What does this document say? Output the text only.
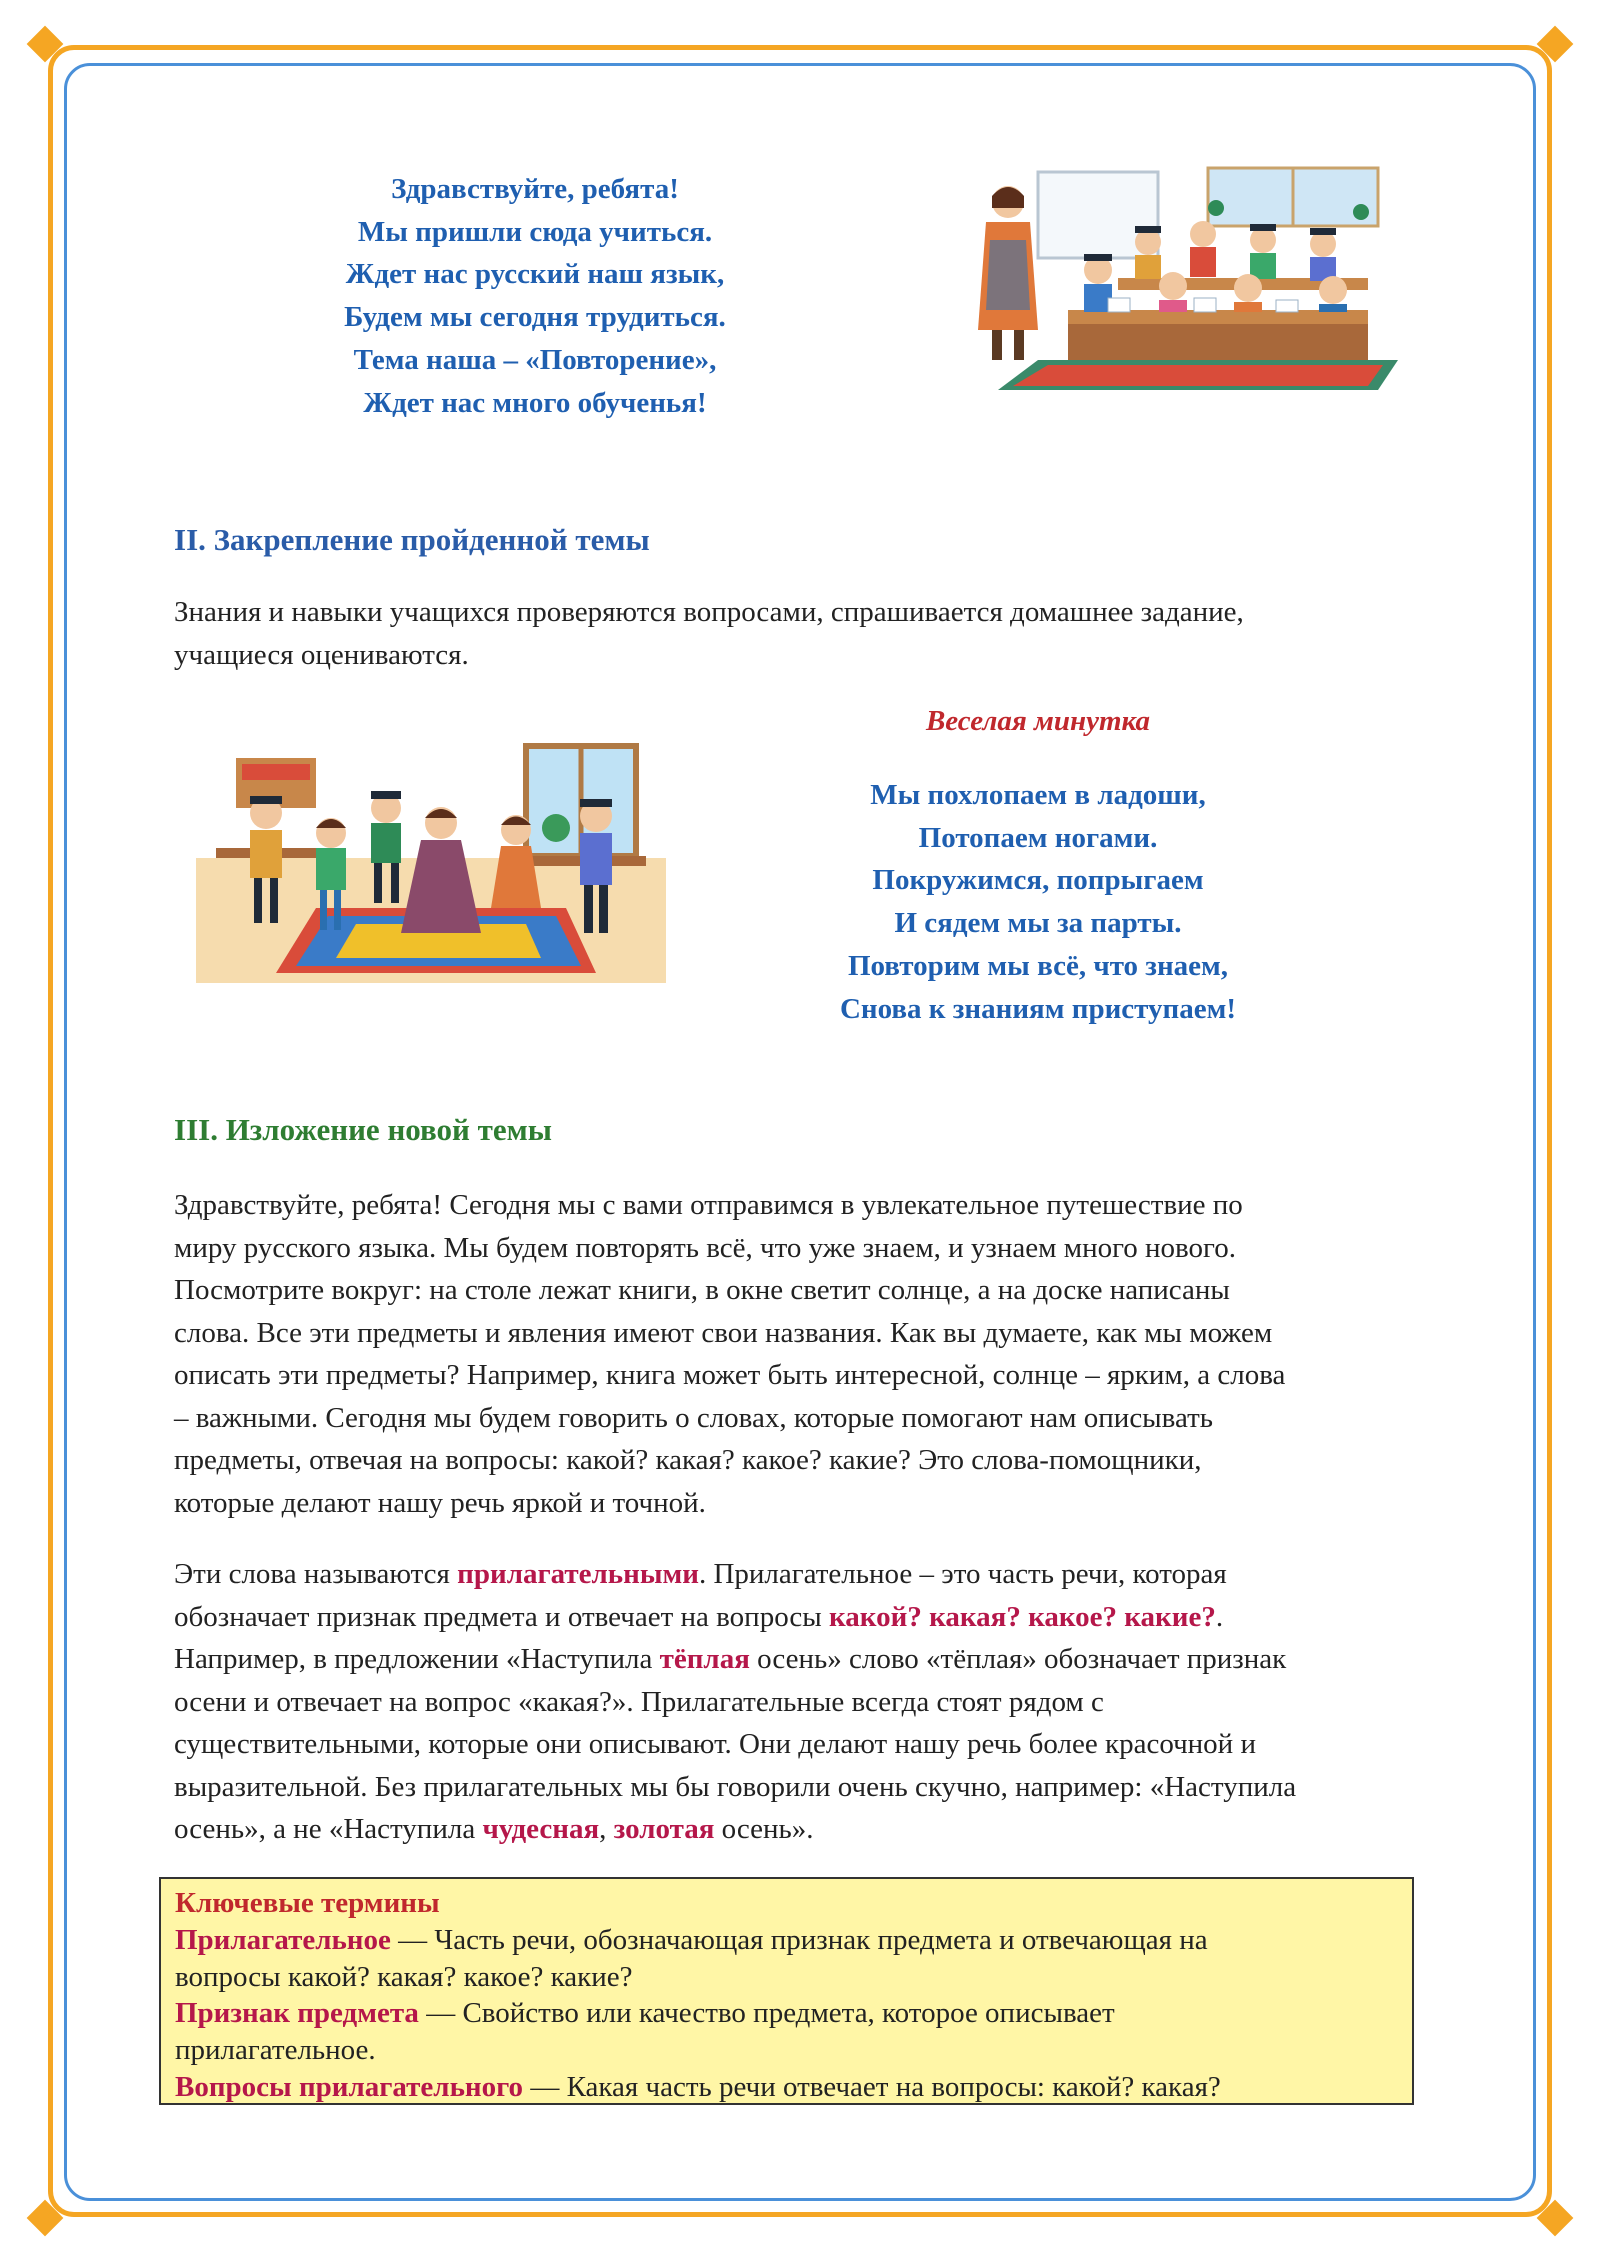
Здравствуйте, ребята!
Мы пришли сюда учиться.
Ждет нас русский наш язык,
Будем мы сегодня трудиться.
Тема наша – «Повторение»,
Ждет нас много обученья!
II. Закрепление пройденной темы
Знания и навыки учащихся проверяются вопросами, спрашивается домашнее задание,
учащиеся оцениваются.
Веселая минутка
Мы похлопаем в ладоши,
Потопаем ногами.
Покружимся, попрыгаем
И сядем мы за парты.
Повторим мы всё, что знаем,
Снова к знаниям приступаем!
III. Изложение новой темы
Здравствуйте, ребята! Сегодня мы с вами отправимся в увлекательное путешествие по
миру русского языка. Мы будем повторять всё, что уже знаем, и узнаем много нового.
Посмотрите вокруг: на столе лежат книги, в окне светит солнце, а на доске написаны
слова. Все эти предметы и явления имеют свои названия. Как вы думаете, как мы можем
описать эти предметы? Например, книга может быть интересной, солнце – ярким, а слова
– важными. Сегодня мы будем говорить о словах, которые помогают нам описывать
предметы, отвечая на вопросы: какой? какая? какое? какие? Это слова-помощники,
которые делают нашу речь яркой и точной.
Эти слова называются прилагательными. Прилагательное – это часть речи, которая
обозначает признак предмета и отвечает на вопросы какой? какая? какое? какие?.
Например, в предложении «Наступила тёплая осень» слово «тёплая» обозначает признак
осени и отвечает на вопрос «какая?». Прилагательные всегда стоят рядом с
существительными, которые они описывают. Они делают нашу речь более красочной и
выразительной. Без прилагательных мы бы говорили очень скучно, например: «Наступила
осень», а не «Наступила чудесная, золотая осень».
Ключевые термины
Прилагательное — Часть речи, обозначающая признак предмета и отвечающая на
вопросы какой? какая? какое? какие?
Признак предмета — Свойство или качество предмета, которое описывает
прилагательное.
Вопросы прилагательного — Какая часть речи отвечает на вопросы: какой? какая?
